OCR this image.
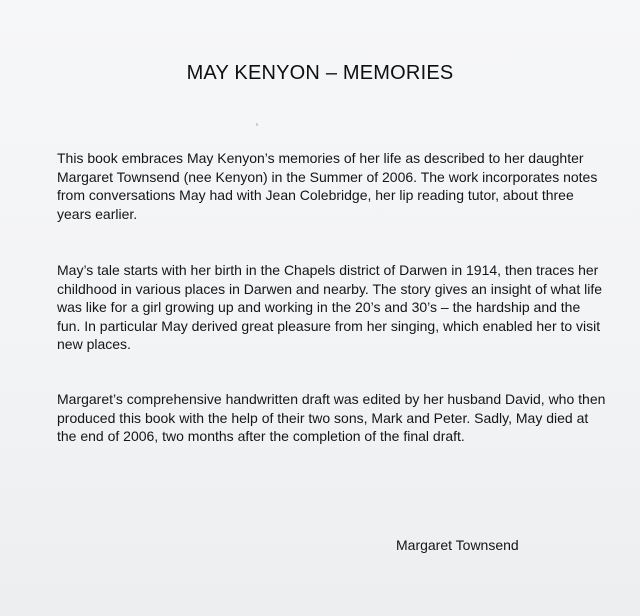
MAY KENYON – MEMORIES
This book embraces May Kenyon’s memories of her life as described to her daughter Margaret Townsend (nee Kenyon) in the Summer of 2006. The work incorporates notes from conversations May had with Jean Colebridge, her lip reading tutor, about three years earlier.
May’s tale starts with her birth in the Chapels district of Darwen in 1914, then traces her childhood in various places in Darwen and nearby. The story gives an insight of what life was like for a girl growing up and working in the 20’s and 30’s – the hardship and the fun. In particular May derived great pleasure from her singing, which enabled her to visit new places.
Margaret’s comprehensive handwritten draft was edited by her husband David, who then produced this book with the help of their two sons, Mark and Peter. Sadly, May died at the end of 2006, two months after the completion of the final draft.
Margaret Townsend
